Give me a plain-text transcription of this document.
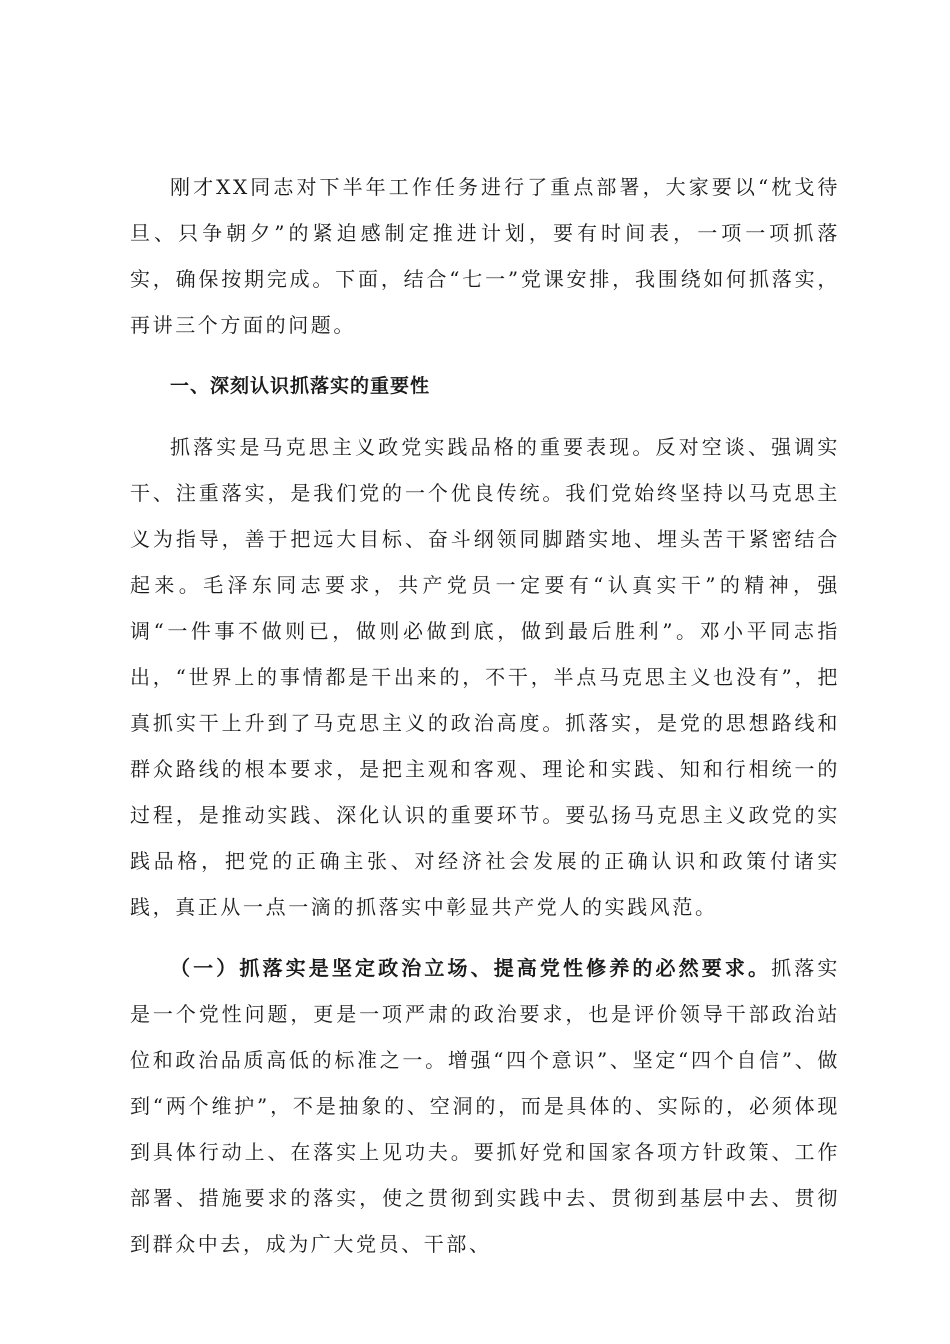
刚才XX同志对下半年工作任务进行了重点部署，大家要以“枕戈待旦、只争朝夕”的紧迫感制定推进计划，要有时间表，一项一项抓落实，确保按期完成。下面，结合“七一”党课安排，我围绕如何抓落实，再讲三个方面的问题。

一、深刻认识抓落实的重要性

抓落实是马克思主义政党实践品格的重要表现。反对空谈、强调实干、注重落实，是我们党的一个优良传统。我们党始终坚持以马克思主义为指导，善于把远大目标、奋斗纲领同脚踏实地、埋头苦干紧密结合起来。毛泽东同志要求，共产党员一定要有“认真实干”的精神，强调“一件事不做则已，做则必做到底，做到最后胜利”。邓小平同志指出，“世界上的事情都是干出来的，不干，半点马克思主义也没有”，把真抓实干上升到了马克思主义的政治高度。抓落实，是党的思想路线和群众路线的根本要求，是把主观和客观、理论和实践、知和行相统一的过程，是推动实践、深化认识的重要环节。要弘扬马克思主义政党的实践品格，把党的正确主张、对经济社会发展的正确认识和政策付诸实践，真正从一点一滴的抓落实中彰显共产党人的实践风范。

（一）抓落实是坚定政治立场、提高党性修养的必然要求。抓落实是一个党性问题，更是一项严肃的政治要求，也是评价领导干部政治站位和政治品质高低的标准之一。增强“四个意识”、坚定“四个自信”、做到“两个维护”，不是抽象的、空洞的，而是具体的、实际的，必须体现到具体行动上、在落实上见功夫。要抓好党和国家各项方针政策、工作部署、措施要求的落实，使之贯彻到实践中去、贯彻到基层中去、贯彻到群众中去，成为广大党员、干部、
